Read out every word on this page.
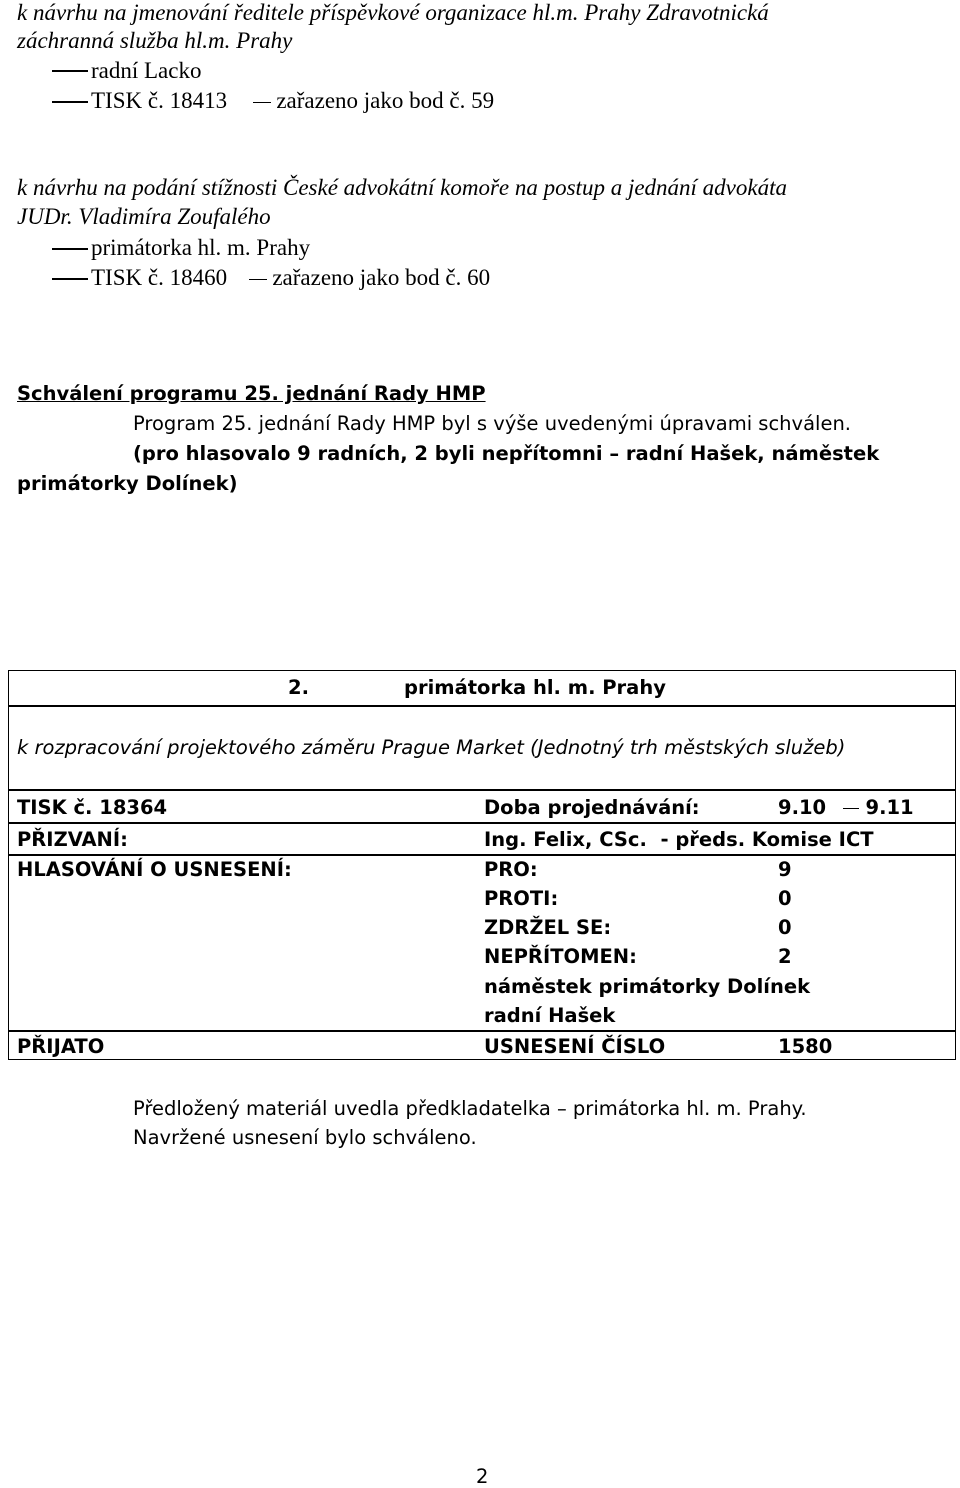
k návrhu na jmenování ředitele příspěvkové organizace hl.m. Prahy Zdravotnická
záchranná služba hl.m. Prahy
radní Lacko
TISK č. 18413 zařazeno jako bod č. 59
k návrhu na podání stížnosti České advokátní komoře na postup a jednání advokáta
JUDr. Vladimíra Zoufalého
primátorka hl. m. Prahy
TISK č. 18460 zařazeno jako bod č. 60
Schválení programu 25. jednání Rady HMP
Program 25. jednání Rady HMP byl s výše uvedenými úpravami schválen.
(pro hlasovalo 9 radních, 2 byli nepřítomni – radní Hašek, náměstek
primátorky Dolínek)
2.	primátorka hl. m. Prahy
k rozpracování projektového záměru Prague Market (Jednotný trh městských služeb)
TISK č. 18364	Doba projednávání:	9.10 9.11
PŘIZVANÍ:	Ing. Felix, CSc.  - předs. Komise ICT
HLASOVÁNÍ O USNESENÍ:	PRO:	9
PROTI:	0
ZDRŽEL SE:	0
NEPŘÍTOMEN:	2
náměstek primátorky Dolínek
radní Hašek
PŘIJATO	USNESENÍ ČÍSLO	1580
Předložený materiál uvedla předkladatelka – primátorka hl. m. Prahy.
Navržené usnesení bylo schváleno.
2
